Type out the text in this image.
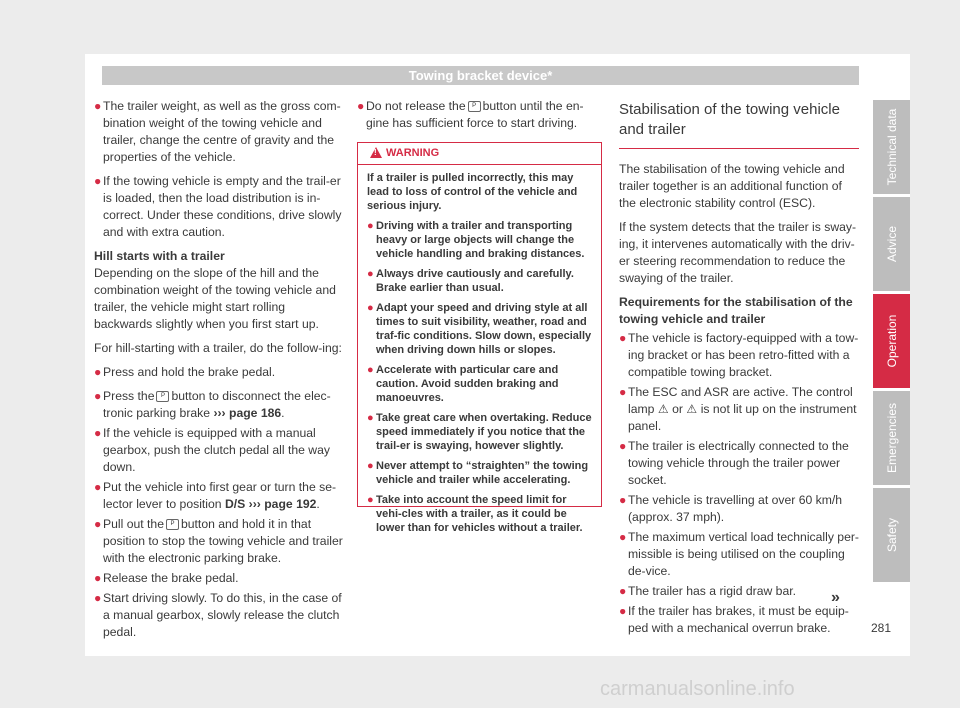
Towing bracket device*

● The trailer weight, as well as the gross com-bination weight of the towing vehicle and trailer, change the centre of gravity and the properties of the vehicle.

● If the towing vehicle is empty and the trail-er is loaded, then the load distribution is in-correct. Under these conditions, drive slowly and with extra caution.

Hill starts with a trailer

Depending on the slope of the hill and the combination weight of the towing vehicle and trailer, the vehicle might start rolling backwards slightly when you first start up.

For hill-starting with a trailer, do the follow-ing:

● Press and hold the brake pedal.

● Press the P button to disconnect the elec-tronic parking brake ››› page 186.

● If the vehicle is equipped with a manual gearbox, push the clutch pedal all the way down.

● Put the vehicle into first gear or turn the se-lector lever to position D/S ››› page 192.

● Pull out the P button and hold it in that position to stop the towing vehicle and trailer with the electronic parking brake.

● Release the brake pedal.

● Start driving slowly. To do this, in the case of a manual gearbox, slowly release the clutch pedal.

● Do not release the P button until the en-gine has sufficient force to start driving.

!
WARNING

If a trailer is pulled incorrectly, this may lead to loss of control of the vehicle and serious injury.

● Driving with a trailer and transporting heavy or large objects will change the vehicle handling and braking distances.

● Always drive cautiously and carefully. Brake earlier than usual.

● Adapt your speed and driving style at all times to suit visibility, weather, road and traf-fic conditions. Slow down, especially when driving down hills or slopes.

● Accelerate with particular care and caution. Avoid sudden braking and manoeuvres.

● Take great care when overtaking. Reduce speed immediately if you notice that the trail-er is swaying, however slightly.

● Never attempt to “straighten” the towing vehicle and trailer while accelerating.

● Take into account the speed limit for vehi-cles with a trailer, as it could be lower than for vehicles without a trailer.

Stabilisation of the towing vehicle and trailer

The stabilisation of the towing vehicle and trailer together is an additional function of the electronic stability control (ESC).

If the system detects that the trailer is sway-ing, it intervenes automatically with the driv-er steering recommendation to reduce the swaying of the trailer.

Requirements for the stabilisation of the towing vehicle and trailer

● The vehicle is factory-equipped with a tow-ing bracket or has been retro-fitted with a compatible towing bracket.

● The ESC and ASR are active. The control lamp ⚠ or ⚠ is not lit up on the instrument panel.

● The trailer is electrically connected to the towing vehicle through the trailer power socket.

● The vehicle is travelling at over 60 km/h (approx. 37 mph).

● The maximum vertical load technically per-missible is being utilised on the coupling de-vice.

● The trailer has a rigid draw bar.

● If the trailer has brakes, it must be equip-ped with a mechanical overrun brake.

»
Technical data
Advice
Operation
Emergencies
Safety
281
carmanualsonline.info
